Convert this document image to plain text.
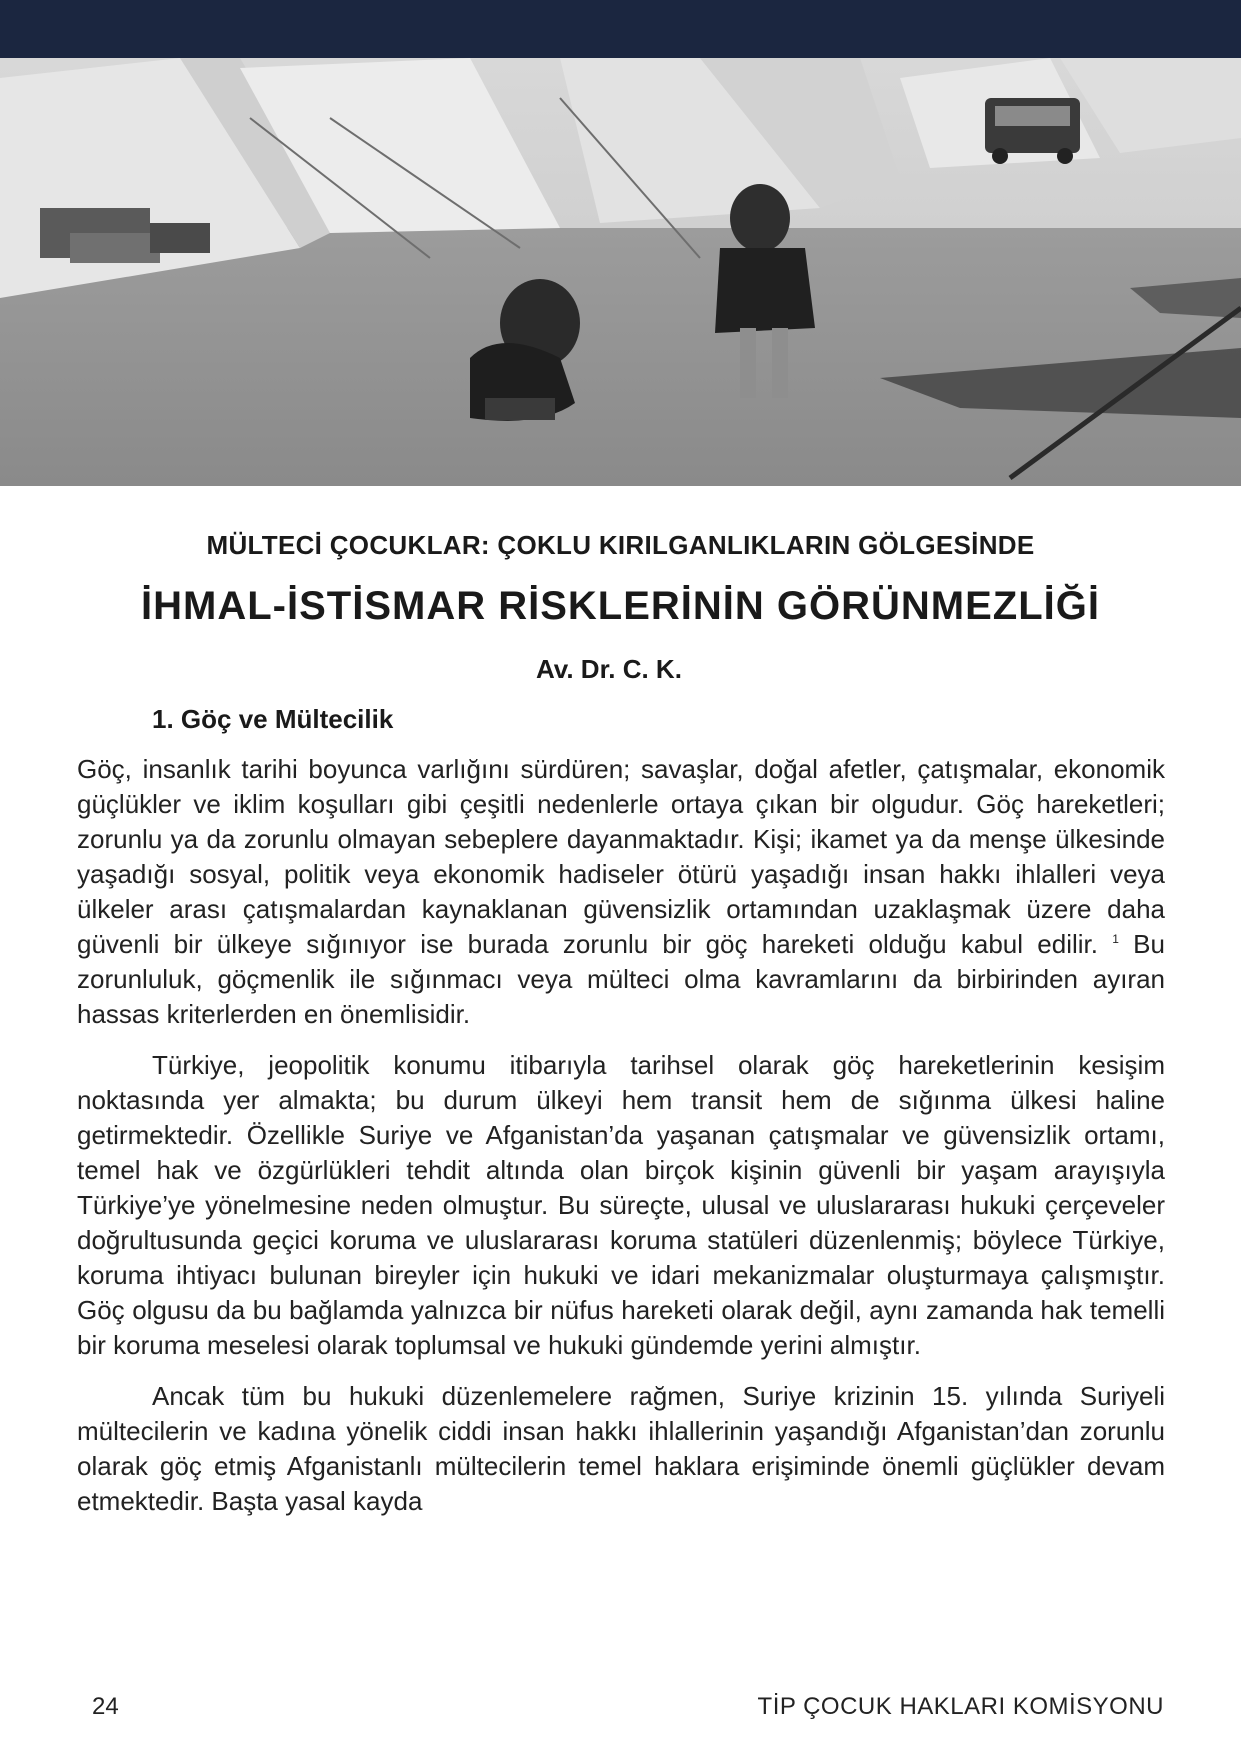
MÜLTECİ ÇOCUKLAR: ÇOKLU KIRILGANLIKLARIN GÖLGESİNDE
İHMAL-İSTİSMAR RİSKLERİNİN GÖRÜNMEZLİĞİ
Av. Dr. C. K.
1. Göç ve Mültecilik

Göç, insanlık tarihi boyunca varlığını sürdüren; savaşlar, doğal afetler, çatışmalar, ekonomik güçlükler ve iklim koşulları gibi çeşitli nedenlerle ortaya çıkan bir olgudur. Göç hareketleri; zorunlu ya da zorunlu olmayan sebeplere dayanmaktadır. Kişi; ikamet ya da menşe ülkesinde yaşadığı sosyal, politik veya ekonomik hadiseler ötürü yaşadığı insan hakkı ihlalleri veya ülkeler arası çatışmalardan kaynaklanan güvensizlik ortamından uzaklaşmak üzere daha güvenli bir ülkeye sığınıyor ise burada zorunlu bir göç hareketi olduğu kabul edilir. $^1$ Bu zorunluluk, göçmenlik ile sığınmacı veya mülteci olma kavramlarını da birbirinden ayıran hassas kriterlerden en önemlisidir.

Türkiye, jeopolitik konumu itibarıyla tarihsel olarak göç hareketlerinin kesişim noktasında yer almakta; bu durum ülkeyi hem transit hem de sığınma ülkesi haline getirmektedir. Özellikle Suriye ve Afganistan’da yaşanan çatışmalar ve güvensizlik ortamı, temel hak ve özgürlükleri tehdit altında olan birçok kişinin güvenli bir yaşam arayışıyla Türkiye’ye yönelmesine neden olmuştur. Bu süreçte, ulusal ve uluslararası hukuki çerçeveler doğrultusunda geçici koruma ve uluslararası koruma statüleri düzenlenmiş; böylece Türkiye, koruma ihtiyacı bulunan bireyler için hukuki ve idari mekanizmalar oluşturmaya çalışmıştır. Göç olgusu da bu bağlamda yalnızca bir nüfus hareketi olarak değil, aynı zamanda hak temelli bir koruma meselesi olarak toplumsal ve hukuki gündemde yerini almıştır.

Ancak tüm bu hukuki düzenlemelere rağmen, Suriye krizinin 15. yılında Suriyeli mültecilerin ve kadına yönelik ciddi insan hakkı ihlallerinin yaşandığı Afganistan’dan zorunlu olarak göç etmiş Afganistanlı mültecilerin temel haklara erişiminde önemli güçlükler devam etmektedir. Başta yasal kayda

24	TİP ÇOCUK HAKLARI KOMİSYONU
